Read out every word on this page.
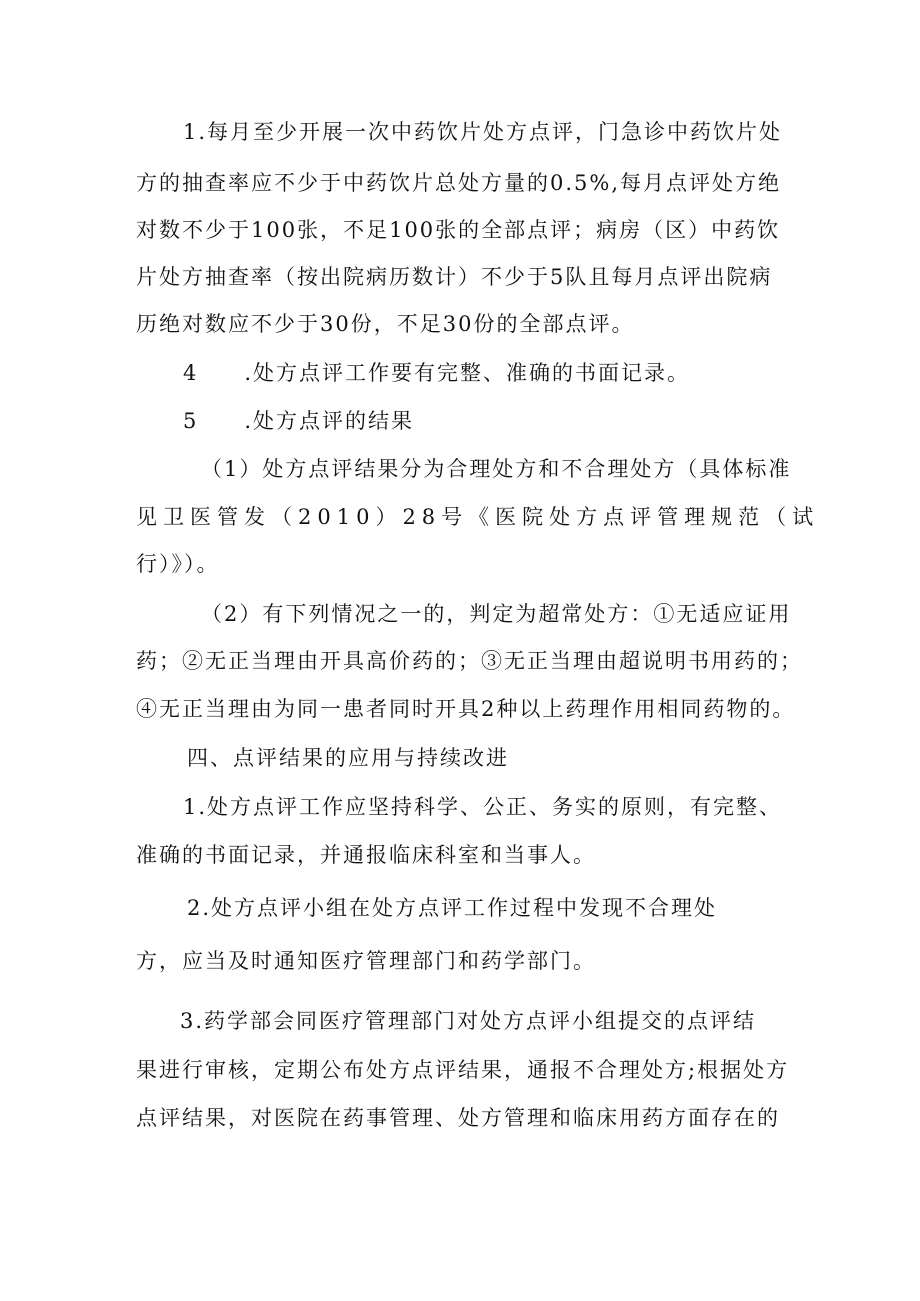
1.每月至少开展一次中药饮片处方点评，门急诊中药饮片处
方的抽查率应不少于中药饮片总处方量的0.5%,每月点评处方绝
对数不少于100张，不足100张的全部点评；病房（区）中药饮
片处方抽查率（按出院病历数计）不少于5队且每月点评出院病
历绝对数应不少于30份，不足30份的全部点评。
4　　.处方点评工作要有完整、准确的书面记录。
5　　.处方点评的结果
（1）处方点评结果分为合理处方和不合理处方（具体标准
见卫医管发（2010）28号《医院处方点评管理规范（试
行）》）。
（2）有下列情况之一的，判定为超常处方：①无适应证用
药；②无正当理由开具高价药的；③无正当理由超说明书用药的；
④无正当理由为同一患者同时开具2种以上药理作用相同药物的。
四、点评结果的应用与持续改进
1.处方点评工作应坚持科学、公正、务实的原则，有完整、
准确的书面记录，并通报临床科室和当事人。
2.处方点评小组在处方点评工作过程中发现不合理处
方，应当及时通知医疗管理部门和药学部门。
3.药学部会同医疗管理部门对处方点评小组提交的点评结
果进行审核，定期公布处方点评结果，通报不合理处方;根据处方
点评结果，对医院在药事管理、处方管理和临床用药方面存在的
